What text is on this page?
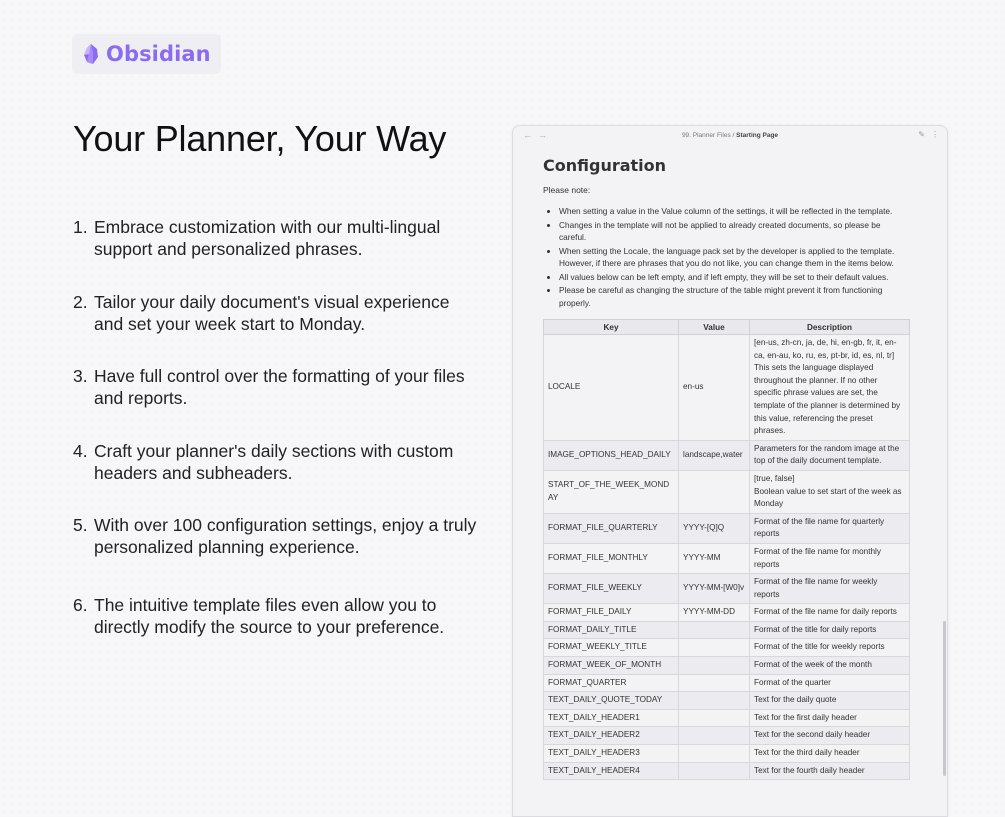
Obsidian
Your Planner, Your Way
1. Embrace customization with our multi-lingual support and personalized phrases.
2. Tailor your daily document's visual experience and set your week start to Monday.
3. Have full control over the formatting of your files and reports.
4. Craft your planner's daily sections with custom headers and subheaders.
5. With over 100 configuration settings, enjoy a truly personalized planning experience.
6. The intuitive template files even allow you to directly modify the source to your preference.
← →	99. Planner Files / Starting Page	✎ ⋮
Configuration
Please note:
• When setting a value in the Value column of the settings, it will be reflected in the template.
• Changes in the template will not be applied to already created documents, so please be careful.
• When setting the Locale, the language pack set by the developer is applied to the template. However, if there are phrases that you do not like, you can change them in the items below.
• All values below can be left empty, and if left empty, they will be set to their default values.
• Please be careful as changing the structure of the table might prevent it from functioning properly.
Key	Value	Description
LOCALE	en-us	[en-us, zh-cn, ja, de, hi, en-gb, fr, it, en-ca, en-au, ko, ru, es, pt-br, id, es, nl, tr]
This sets the language displayed throughout the planner. If no other specific phrase values are set, the template of the planner is determined by this value, referencing the preset phrases.
IMAGE_OPTIONS_HEAD_DAILY	landscape,water	Parameters for the random image at the top of the daily document template.
START_OF_THE_WEEK_MONDAY		[true, false]
Boolean value to set start of the week as Monday
FORMAT_FILE_QUARTERLY	YYYY-[Q]Q	Format of the file name for quarterly reports
FORMAT_FILE_MONTHLY	YYYY-MM	Format of the file name for monthly reports
FORMAT_FILE_WEEKLY	YYYY-MM-[W0]v	Format of the file name for weekly reports
FORMAT_FILE_DAILY	YYYY-MM-DD	Format of the file name for daily reports
FORMAT_DAILY_TITLE		Format of the title for daily reports
FORMAT_WEEKLY_TITLE		Format of the title for weekly reports
FORMAT_WEEK_OF_MONTH		Format of the week of the month
FORMAT_QUARTER		Format of the quarter
TEXT_DAILY_QUOTE_TODAY		Text for the daily quote
TEXT_DAILY_HEADER1		Text for the first daily header
TEXT_DAILY_HEADER2		Text for the second daily header
TEXT_DAILY_HEADER3		Text for the third daily header
TEXT_DAILY_HEADER4		Text for the fourth daily header
